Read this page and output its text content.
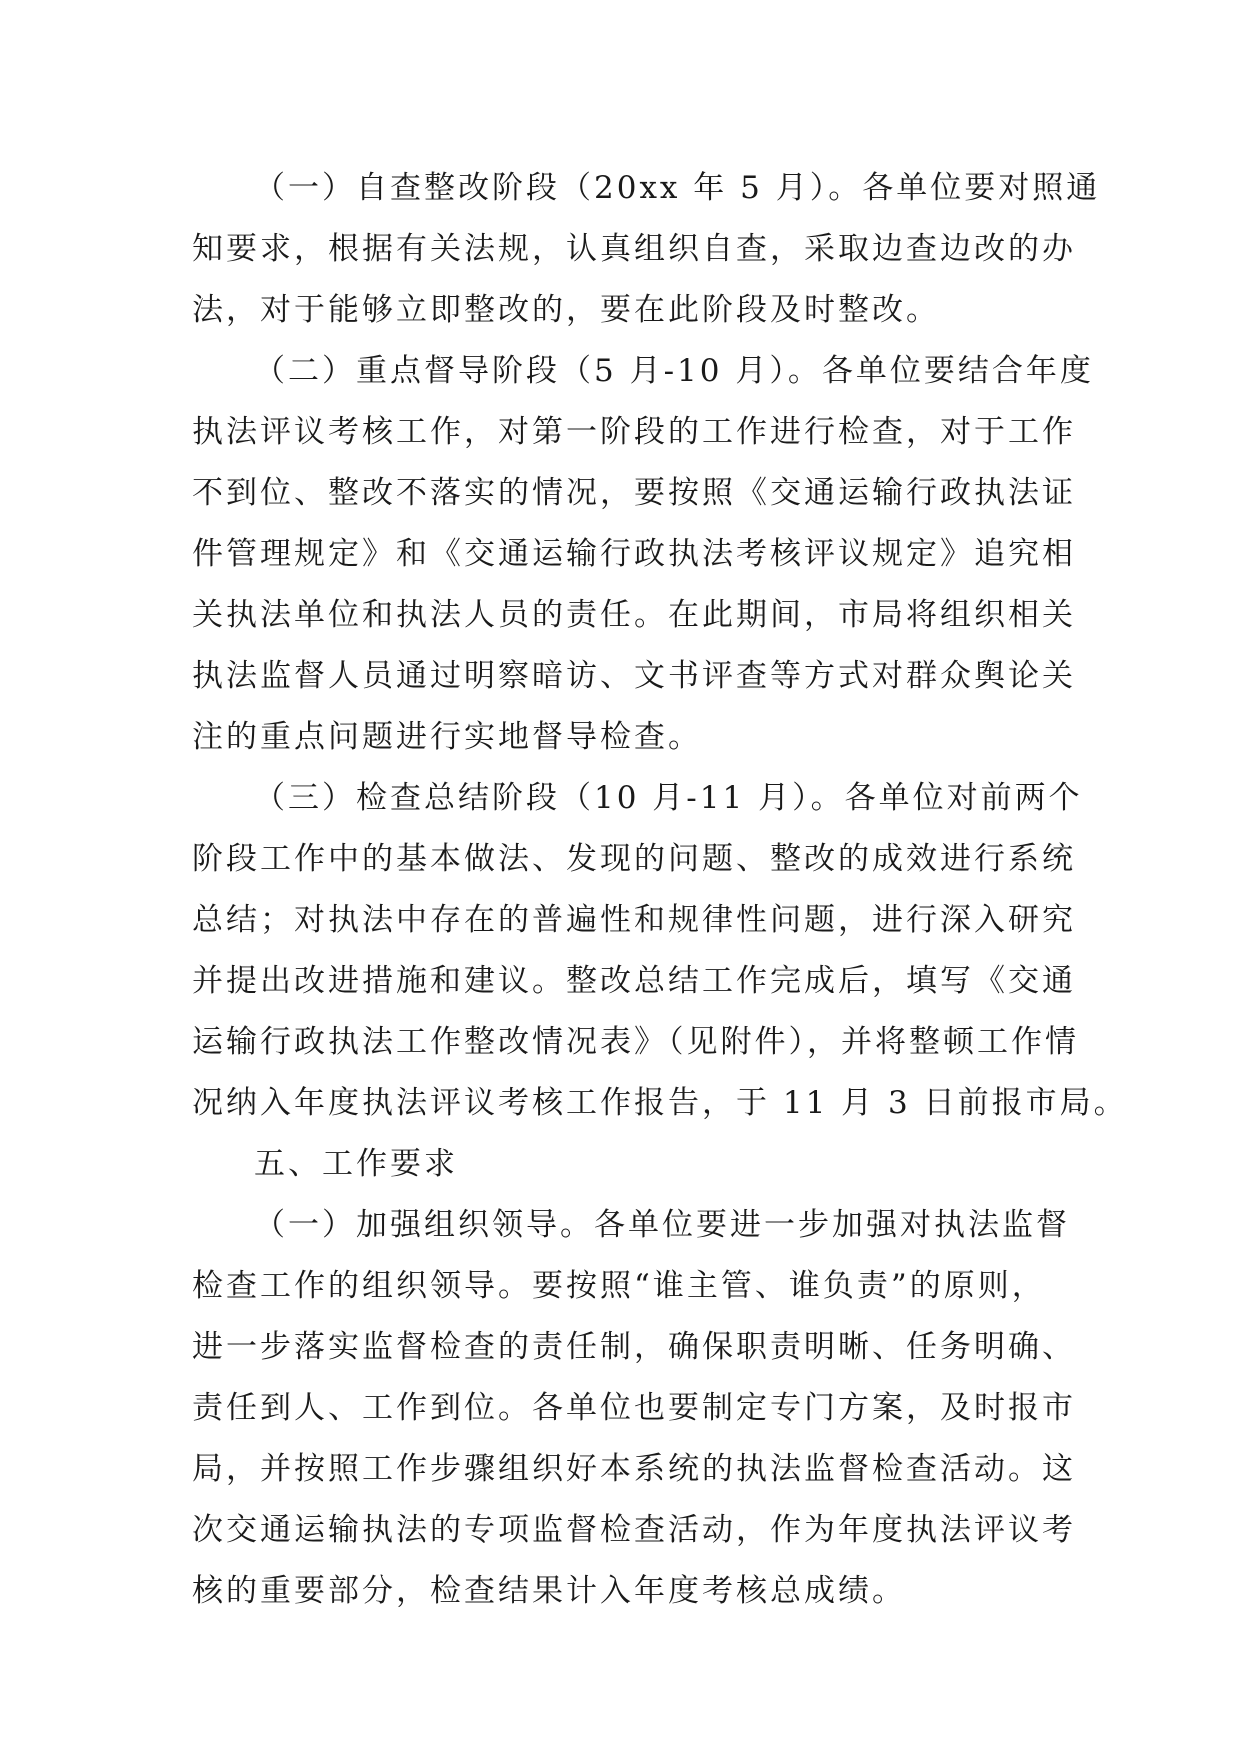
（一）自查整改阶段（20xx 年 5 月）。各单位要对照通
知要求，根据有关法规，认真组织自查，采取边查边改的办
法，对于能够立即整改的，要在此阶段及时整改。
（二）重点督导阶段（5 月-10 月）。各单位要结合年度
执法评议考核工作，对第一阶段的工作进行检查，对于工作
不到位、整改不落实的情况，要按照《交通运输行政执法证
件管理规定》和《交通运输行政执法考核评议规定》追究相
关执法单位和执法人员的责任。在此期间，市局将组织相关
执法监督人员通过明察暗访、文书评查等方式对群众舆论关
注的重点问题进行实地督导检查。
（三）检查总结阶段（10 月-11 月）。各单位对前两个
阶段工作中的基本做法、发现的问题、整改的成效进行系统
总结；对执法中存在的普遍性和规律性问题，进行深入研究
并提出改进措施和建议。整改总结工作完成后，填写《交通
运输行政执法工作整改情况表》（见附件），并将整顿工作情
况纳入年度执法评议考核工作报告，于 11 月 3 日前报市局。
五、工作要求
（一）加强组织领导。各单位要进一步加强对执法监督
检查工作的组织领导。要按照“谁主管、谁负责”的原则，
进一步落实监督检查的责任制，确保职责明晰、任务明确、
责任到人、工作到位。各单位也要制定专门方案，及时报市
局，并按照工作步骤组织好本系统的执法监督检查活动。这
次交通运输执法的专项监督检查活动，作为年度执法评议考
核的重要部分，检查结果计入年度考核总成绩。
